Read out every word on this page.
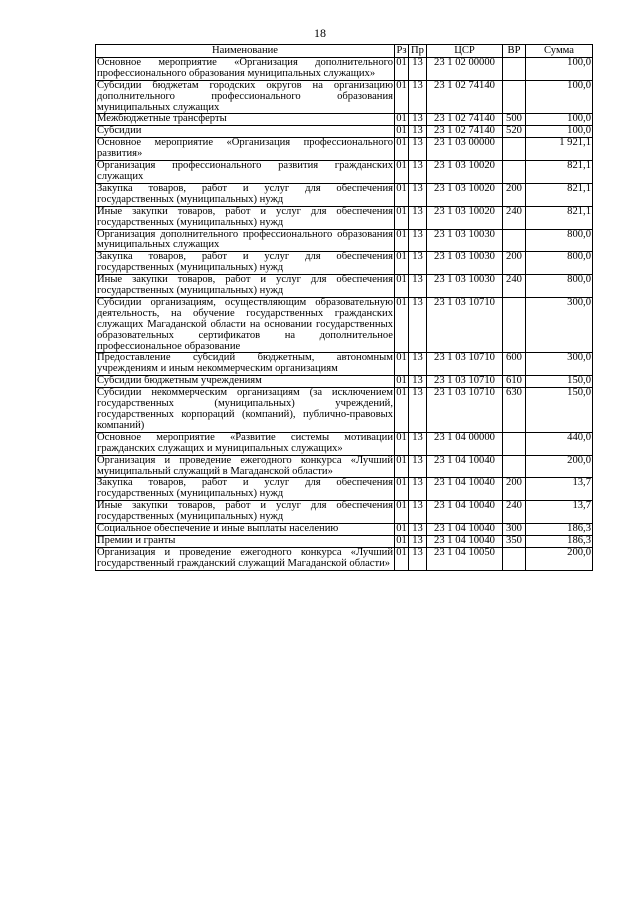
18
Наименование	Рз	Пр	ЦСР	ВР	Сумма
Основное мероприятие «Организация дополнительного профессионального образования муниципальных служащих»	01	13	23 1 02 00000		100,0
Субсидии бюджетам городских округов на организацию дополнительного профессионального образования муниципальных служащих	01	13	23 1 02 74140		100,0
Межбюджетные трансферты	01	13	23 1 02 74140	500	100,0
Субсидии	01	13	23 1 02 74140	520	100,0
Основное мероприятие «Организация профессионального развития»	01	13	23 1 03 00000		1 921,1
Организация профессионального развития гражданских служащих	01	13	23 1 03 10020		821,1
Закупка товаров, работ и услуг для обеспечения государственных (муниципальных) нужд	01	13	23 1 03 10020	200	821,1
Иные закупки товаров, работ и услуг для обеспечения государственных (муниципальных) нужд	01	13	23 1 03 10020	240	821,1
Организация дополнительного профессионального образования муниципальных служащих	01	13	23 1 03 10030		800,0
Закупка товаров, работ и услуг для обеспечения государственных (муниципальных) нужд	01	13	23 1 03 10030	200	800,0
Иные закупки товаров, работ и услуг для обеспечения государственных (муниципальных) нужд	01	13	23 1 03 10030	240	800,0
Субсидии организациям, осуществляющим образовательную деятельность, на обучение государственных гражданских служащих Магаданской области на основании государственных образовательных сертификатов на дополнительное профессиональное образование	01	13	23 1 03 10710		300,0
Предоставление субсидий бюджетным, автономным учреждениям и иным некоммерческим организациям	01	13	23 1 03 10710	600	300,0
Субсидии бюджетным учреждениям	01	13	23 1 03 10710	610	150,0
Субсидии некоммерческим организациям (за исключением государственных (муниципальных) учреждений, государственных корпораций (компаний), публично-правовых компаний)	01	13	23 1 03 10710	630	150,0
Основное мероприятие «Развитие системы мотивации гражданских служащих и муниципальных служащих»	01	13	23 1 04 00000		440,0
Организация и проведение ежегодного конкурса «Лучший муниципальный служащий в Магаданской области»	01	13	23 1 04 10040		200,0
Закупка товаров, работ и услуг для обеспечения государственных (муниципальных) нужд	01	13	23 1 04 10040	200	13,7
Иные закупки товаров, работ и услуг для обеспечения государственных (муниципальных) нужд	01	13	23 1 04 10040	240	13,7
Социальное обеспечение и иные выплаты населению	01	13	23 1 04 10040	300	186,3
Премии и гранты	01	13	23 1 04 10040	350	186,3
Организация и проведение ежегодного конкурса «Лучший государственный гражданский служащий Магаданской области»	01	13	23 1 04 10050		200,0
